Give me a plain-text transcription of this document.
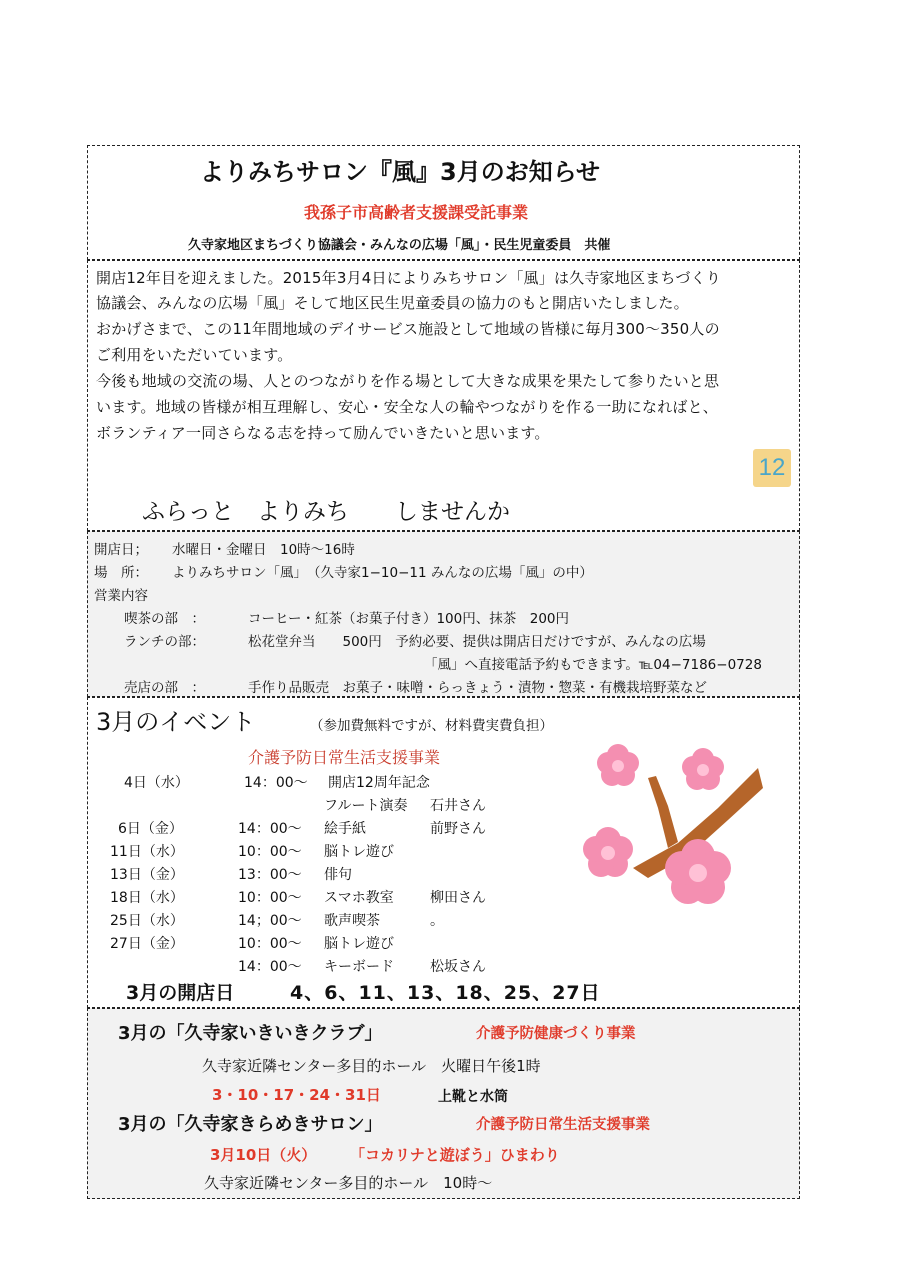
よりみちサロン『風』3月のお知らせ
我孫子市高齢者支援課受託事業
久寺家地区まちづくり協議会・みんなの広場「風」・民生児童委員　共催
開店12年目を迎えました。2015年3月4日によりみちサロン「風」は久寺家地区まちづくり
協議会、みんなの広場「風」そして地区民生児童委員の協力のもと開店いたしました。
おかげさまで、この11年間地域のデイサービス施設として地域の皆様に毎月300～350人の
ご利用をいただいています。
今後も地域の交流の場、人とのつながりを作る場として大きな成果を果たして参りたいと思
います。地域の皆様が相互理解し、安心・安全な人の輪やつながりを作る一助になればと、
ボランティア一同さらなる志を持って励んでいきたいと思います。
12
ふらっと　よりみち　　しませんか
開店日； 水曜日・金曜日　10時～16時
場　所： よりみちサロン「風」　（久寺家1−10−11 みんなの広場「風」の中）
営業内容
喫茶の部　：	コーヒー・紅茶（お菓子付き）100円、抹茶　200円
ランチの部：	松花堂弁当　　500円　予約必要、提供は開店日だけですが、みんなの広場
「風」へ直接電話予約もできます。℡04−7186−0728
売店の部　：	手作り品販売　お菓子・味噌・らっきょう・漬物・惣菜・有機栽培野菜など
3月のイベント	（参加費無料ですが、材料費実費負担）
介護予防日常生活支援事業
4日（水）	14：00～ 開店12周年記念
フルート演奏 石井さん
6日（金）	14：00～ 絵手紙	前野さん
11日（水）	10：00～ 脳トレ遊び
13日（金）	13：00～ 俳句
18日（水）	10：00～ スマホ教室	柳田さん
25日（水）	14；00～ 歌声喫茶	。
27日（金）	10：00～ 脳トレ遊び
14：00～ キーボード	松坂さん
3月の開店日	4、6、11、13、18、25、27日
3月の「久寺家いきいきクラブ」	介護予防健康づくり事業
久寺家近隣センター多目的ホール　火曜日午後1時
3・10・17・24・31日	上靴と水筒
3月の「久寺家きらめきサロン」	介護予防日常生活支援事業
3月10日（火） 「コカリナと遊ぼう」ひまわり
久寺家近隣センター多目的ホール　10時～
